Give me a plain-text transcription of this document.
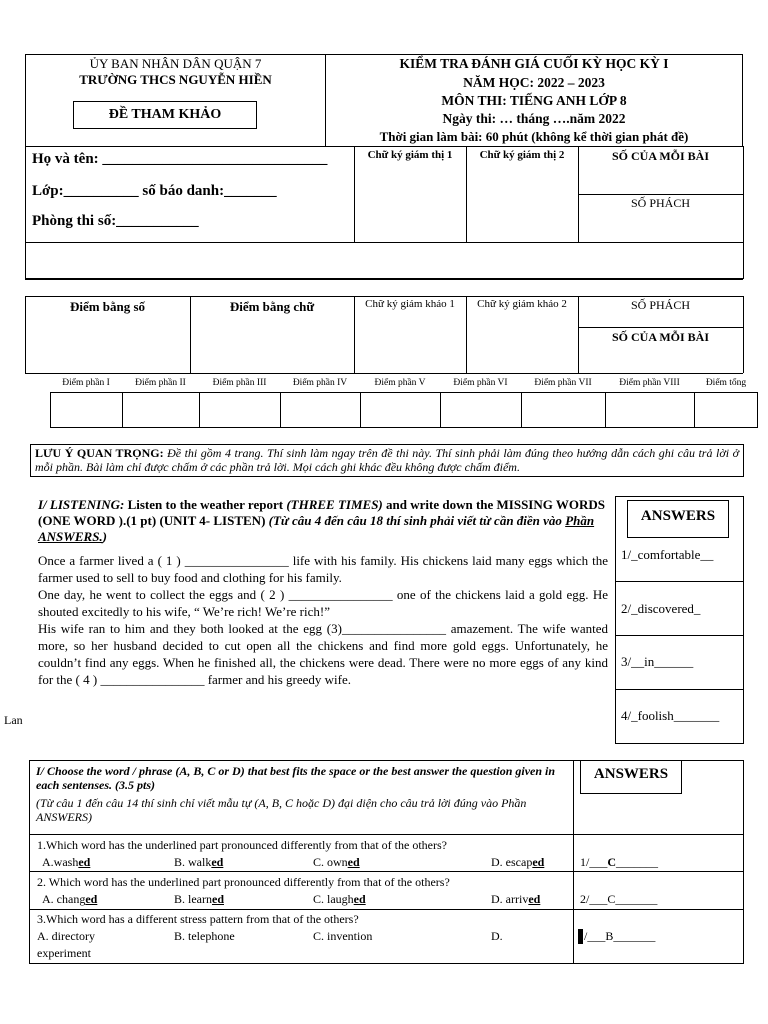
ỦY BAN NHÂN DÂN QUẬN 7
TRƯỜNG THCS NGUYỄN HIỀN
ĐỀ THAM KHẢO
KIỂM TRA ĐÁNH GIÁ CUỐI KỲ HỌC KỲ I
NĂM HỌC: 2022 – 2023
MÔN THI: TIẾNG ANH LỚP 8
Ngày thi: … tháng ….năm 2022
Thời gian làm bài: 60 phút (không kể thời gian phát đề)
Họ và tên: ______________________________
Lớp:__________ số báo danh:_______
Phòng thi số:___________
Chữ ký giám thị 1	Chữ ký giám thị 2	SỐ CỦA MỖI BÀI
SỐ PHÁCH
Điểm bằng số	Điểm bằng chữ	Chữ ký giám khảo 1	Chữ ký giám khảo 2	SỐ PHÁCH
SỐ CỦA MỖI BÀI
Điểm phần I	Điểm phần II	Điểm phần III	Điểm phần IV	Điểm phần V	Điểm phần VI	Điểm phần VII	Điểm phần VIII	Điểm tổng
LƯU Ý QUAN TRỌNG: Đề thi gồm 4 trang. Thí sinh làm ngay trên đề thi này. Thí sinh phải làm đúng theo hướng dẫn cách ghi câu trả lời ở mỗi phần. Bài làm chỉ được chấm ở các phần trả lời. Mọi cách ghi khác đều không được chấm điểm.
I/ LISTENING: Listen to the weather report (THREE TIMES) and write down the MISSING WORDS (ONE WORD ).(1 pt) (UNIT 4- LISTEN) (Từ câu 4 đến câu 18 thí sinh phải viết từ cần điền vào Phần ANSWERS.)
Once a farmer lived a ( 1 ) ________________ life with his family. His chickens laid many eggs which the farmer used to sell to buy food and clothing for his family.
One day, he went to collect the eggs and ( 2 ) ________________ one of the chickens laid a gold egg. He shouted excitedly to his wife, “ We’re rich! We’re rich!”
His wife ran to him and they both looked at the egg (3)________________ amazement. The wife wanted more, so her husband decided to cut open all the chickens and find more gold eggs. Unfortunately, he couldn’t find any eggs. When he finished all, the chickens were dead. There were no more eggs of any kind for the ( 4 ) ________________ farmer and his greedy wife.
Lan
ANSWERS
1/_comfortable__
2/_discovered_
3/__in______
4/_foolish_______
I/ Choose the word / phrase (A, B, C or D) that best fits the space or the best answer the question given in each sentenses. (3.5 pts)
(Từ câu 1 đến câu 14 thí sinh chỉ viết mẫu tự (A, B, C hoặc D) đại diện cho câu trả lời đúng vào Phần ANSWERS)
ANSWERS
1.Which word has the underlined part pronounced differently from that of the others?
A.washed	B. walked	C. owned	D. escaped	1/___C_______
2. Which word has the underlined part pronounced differently from that of the others?
A. changed	B. learned	C. laughed	D. arrived	2/___C_______
3.Which word has a different stress pattern from that of the others?
A. directory	B. telephone	C. invention	D.
experiment
/___B_______
